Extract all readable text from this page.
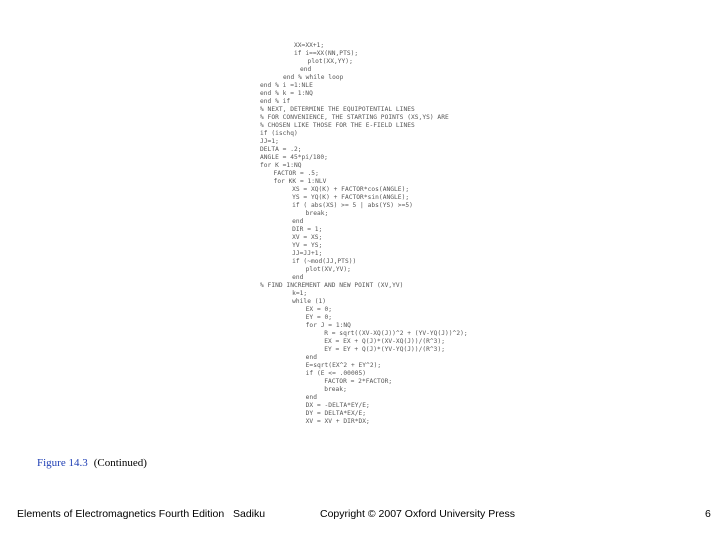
XX=XX+1;
if i==XX(NN,PTS);
plot(XX,YY);
end
end % while loop
end % i =1:NLE
end % k = 1:NQ
end % if
% NEXT, DETERMINE THE EQUIPOTENTIAL LINES
% FOR CONVENIENCE, THE STARTING POINTS (XS,YS) ARE
% CHOSEN LIKE THOSE FOR THE E-FIELD LINES
if (ischq)
JJ=1;
DELTA = .2;
ANGLE = 45*pi/180;
for K =1:NQ
FACTOR = .5;
for KK = 1:NLV
XS = XQ(K) + FACTOR*cos(ANGLE);
YS = YQ(K) + FACTOR*sin(ANGLE);
if ( abs(XS) >= 5 | abs(YS) >=5)
break;
end
DIR = 1;
XV = XS;
YV = YS;
JJ=JJ+1;
if (~mod(JJ,PTS))
plot(XV,YV);
end
% FIND INCREMENT AND NEW POINT (XV,YV)
k=1;
while (1)
EX = 0;
EY = 0;
for J = 1:NQ
R = sqrt((XV-XQ(J))^2 + (YV-YQ(J))^2);
EX = EX + Q(J)*(XV-XQ(J))/(R^3);
EY = EY + Q(J)*(YV-YQ(J))/(R^3);
end
E=sqrt(EX^2 + EY^2);
if (E <= .00005)
FACTOR = 2*FACTOR;
break;
end
DX = -DELTA*EY/E;
DY = DELTA*EX/E;
XV = XV + DIR*DX;
Figure 14.3 (Continued)
Elements of Electromagnetics Fourth Edition Sadiku	Copyright © 2007 Oxford University Press	6
